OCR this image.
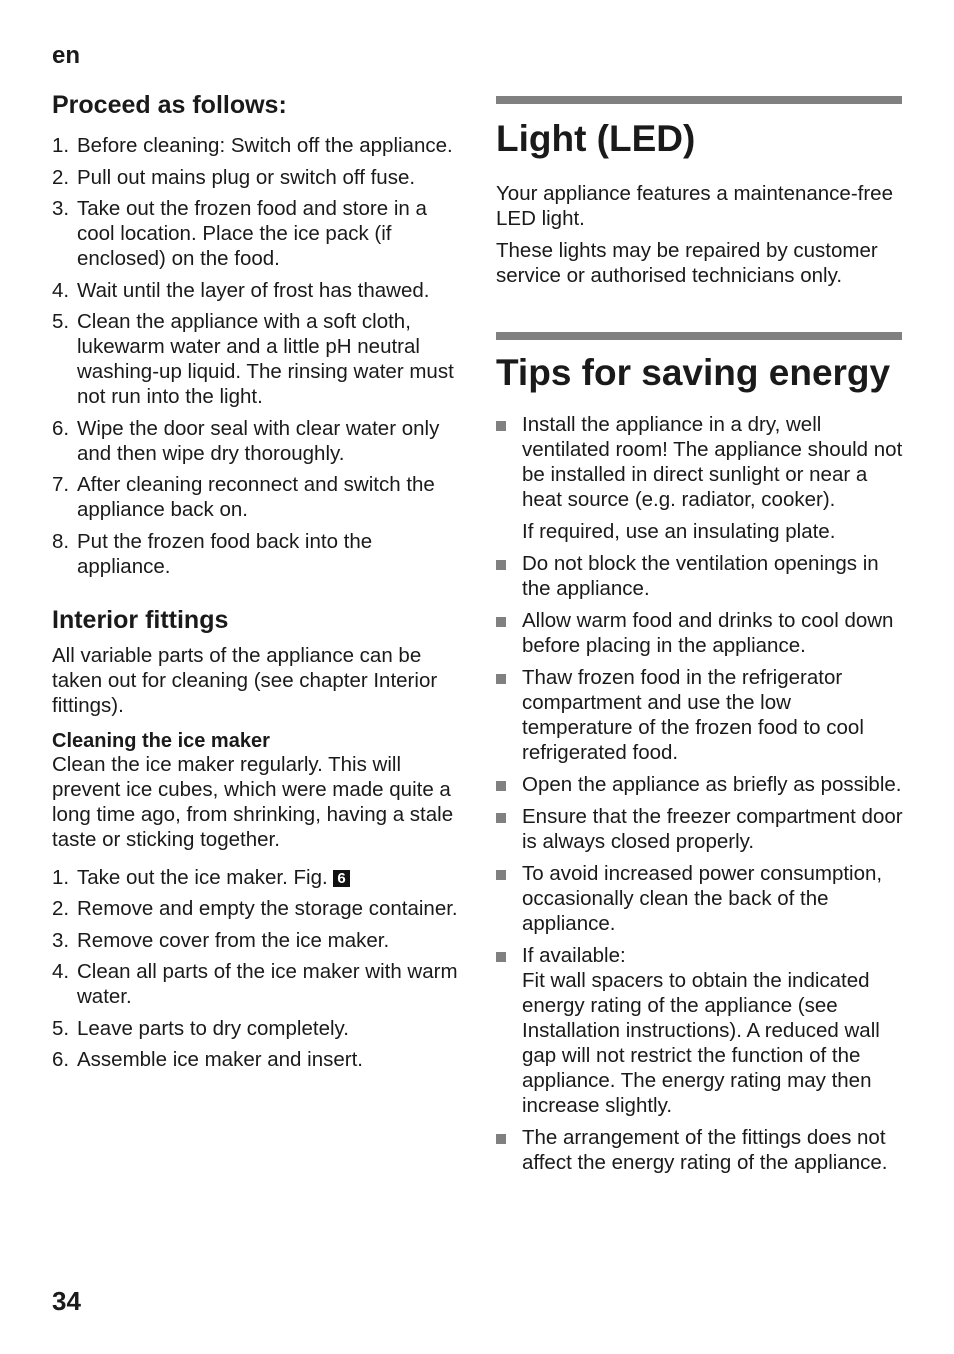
en
Proceed as follows:
1. Before cleaning: Switch off the appliance.
2. Pull out mains plug or switch off fuse.
3. Take out the frozen food and store in a cool location. Place the ice pack (if enclosed) on the food.
4. Wait until the layer of frost has thawed.
5. Clean the appliance with a soft cloth, lukewarm water and a little pH neutral washing-up liquid. The rinsing water must not run into the light.
6. Wipe the door seal with clear water only and then wipe dry thoroughly.
7. After cleaning reconnect and switch the appliance back on.
8. Put the frozen food back into the appliance.
Interior fittings

All variable parts of the appliance can be taken out for cleaning (see chapter Interior fittings).

Cleaning the ice maker

Clean the ice maker regularly. This will prevent ice cubes, which were made quite a long time ago, from shrinking, having a stale taste or sticking together.

1. Take out the ice maker. Fig. 6
2. Remove and empty the storage container.
3. Remove cover from the ice maker.
4. Clean all parts of the ice maker with warm water.
5. Leave parts to dry completely.
6. Assemble ice maker and insert.
Light (LED)

Your appliance features a maintenance-free LED light.

These lights may be repaired by customer service or authorised technicians only.

Tips for saving energy
Install the appliance in a dry, well ventilated room! The appliance should not be installed in direct sunlight or near a heat source (e.g. radiator, cooker).
If required, use an insulating plate.
Do not block the ventilation openings in the appliance.
Allow warm food and drinks to cool down before placing in the appliance.
Thaw frozen food in the refrigerator compartment and use the low temperature of the frozen food to cool refrigerated food.
Open the appliance as briefly as possible.
Ensure that the freezer compartment door is always closed properly.
To avoid increased power consumption, occasionally clean the back of the appliance.
If available:
Fit wall spacers to obtain the indicated energy rating of the appliance (see Installation instructions). A reduced wall gap will not restrict the function of the appliance. The energy rating may then increase slightly.
The arrangement of the fittings does not affect the energy rating of the appliance.
34
